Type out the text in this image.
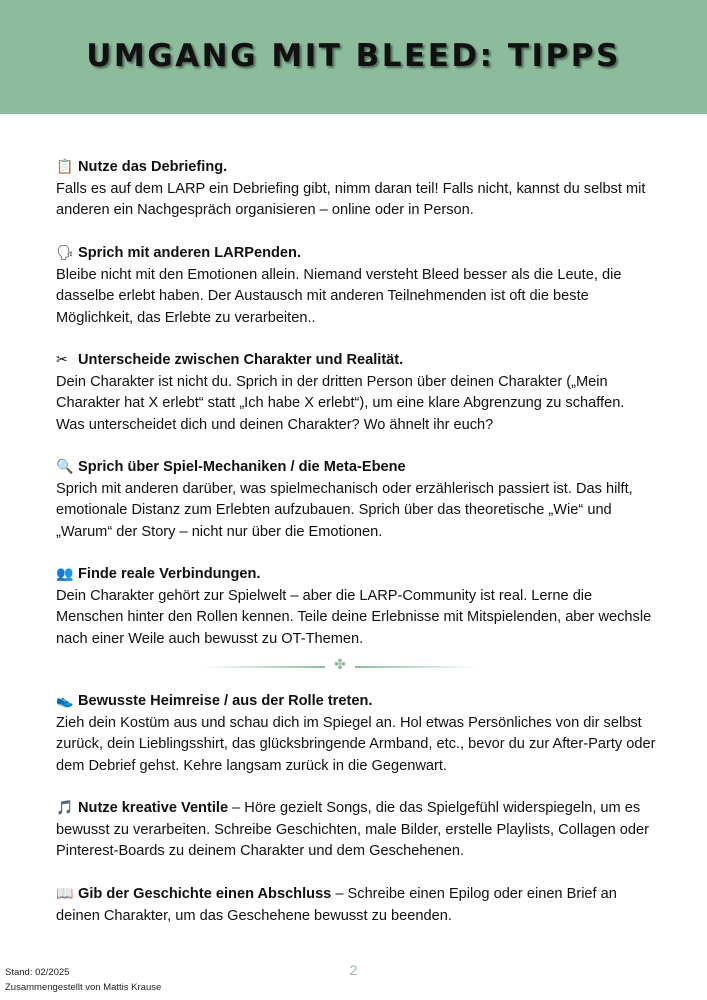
UMGANG MIT BLEED: TIPPS
📋 Nutze das Debriefing.
Falls es auf dem LARP ein Debriefing gibt, nimm daran teil! Falls nicht, kannst du selbst mit anderen ein Nachgespräch organisieren – online oder in Person.
🗣 Sprich mit anderen LARPenden.
Bleibe nicht mit den Emotionen allein. Niemand versteht Bleed besser als die Leute, die dasselbe erlebt haben. Der Austausch mit anderen Teilnehmenden ist oft die beste Möglichkeit, das Erlebte zu verarbeiten..
✂ Unterscheide zwischen Charakter und Realität.
Dein Charakter ist nicht du. Sprich in der dritten Person über deinen Charakter („Mein Charakter hat X erlebt“ statt „Ich habe X erlebt“), um eine klare Abgrenzung zu schaffen. Was unterscheidet dich und deinen Charakter? Wo ähnelt ihr euch?
🔍 Sprich über Spiel-Mechaniken / die Meta-Ebene
Sprich mit anderen darüber, was spielmechanisch oder erzählerisch passiert ist. Das hilft, emotionale Distanz zum Erlebten aufzubauen. Sprich über das theoretische „Wie“ und „Warum“ der Story – nicht nur über die Emotionen.
👥 Finde reale Verbindungen.
Dein Charakter gehört zur Spielwelt – aber die LARP-Community ist real. Lerne die Menschen hinter den Rollen kennen. Teile deine Erlebnisse mit Mitspielenden, aber wechsle nach einer Weile auch bewusst zu OT-Themen.
✤
👟 Bewusste Heimreise / aus der Rolle treten.
Zieh dein Kostüm aus und schau dich im Spiegel an. Hol etwas Persönliches von dir selbst zurück, dein Lieblingsshirt, das glücksbringende Armband, etc., bevor du zur After-Party oder dem Debrief gehst. Kehre langsam zurück in die Gegenwart.
🎵 Nutze kreative Ventile – Höre gezielt Songs, die das Spielgefühl widerspiegeln, um es bewusst zu verarbeiten. Schreibe Geschichten, male Bilder, erstelle Playlists, Collagen oder Pinterest-Boards zu deinem Charakter und dem Geschehenen.
📖 Gib der Geschichte einen Abschluss – Schreibe einen Epilog oder einen Brief an deinen Charakter, um das Geschehene bewusst zu beenden.
2
Stand: 02/2025
Zusammengestellt von Mattis Krause
